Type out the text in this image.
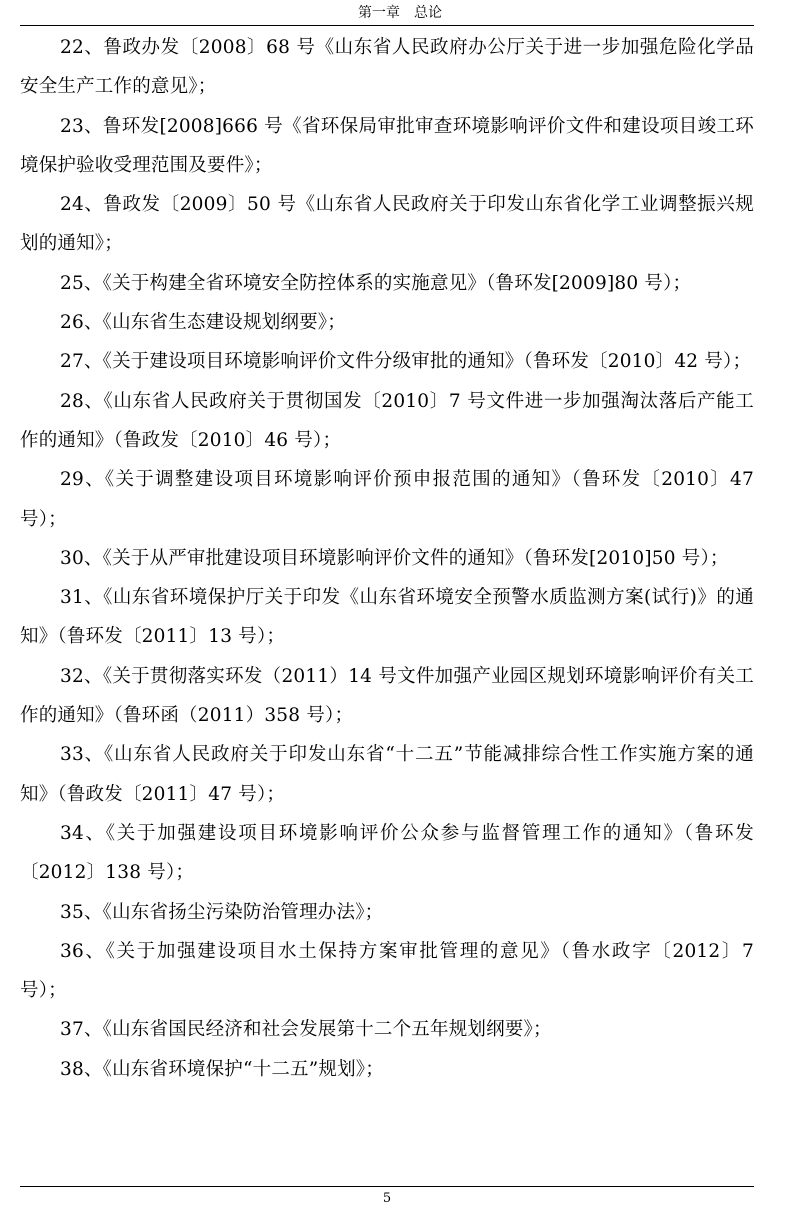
第一章　总论

22、鲁政办发〔2008〕68 号《山东省人民政府办公厅关于进一步加强危险化学品安全生产工作的意见》；

23、鲁环发[2008]666 号《省环保局审批审查环境影响评价文件和建设项目竣工环境保护验收受理范围及要件》；

24、鲁政发〔2009〕50 号《山东省人民政府关于印发山东省化学工业调整振兴规划的通知》；

25、《关于构建全省环境安全防控体系的实施意见》（鲁环发[2009]80 号）；

26、《山东省生态建设规划纲要》；

27、《关于建设项目环境影响评价文件分级审批的通知》（鲁环发〔2010〕42 号）；

28、《山东省人民政府关于贯彻国发〔2010〕7 号文件进一步加强淘汰落后产能工作的通知》（鲁政发〔2010〕46 号）；

29、《关于调整建设项目环境影响评价预申报范围的通知》（鲁环发〔2010〕47 号）；

30、《关于从严审批建设项目环境影响评价文件的通知》（鲁环发[2010]50 号）；

31、《山东省环境保护厅关于印发《山东省环境安全预警水质监测方案(试行)》的通知》（鲁环发〔2011〕13 号）；

32、《关于贯彻落实环发（2011）14 号文件加强产业园区规划环境影响评价有关工作的通知》（鲁环函（2011）358 号）；

33、《山东省人民政府关于印发山东省“十二五”节能减排综合性工作实施方案的通知》（鲁政发〔2011〕47 号）；

34、《关于加强建设项目环境影响评价公众参与监督管理工作的通知》（鲁环发〔2012〕138 号）；

35、《山东省扬尘污染防治管理办法》；

36、《关于加强建设项目水土保持方案审批管理的意见》（鲁水政字〔2012〕7 号）；

37、《山东省国民经济和社会发展第十二个五年规划纲要》；

38、《山东省环境保护“十二五”规划》；

5
